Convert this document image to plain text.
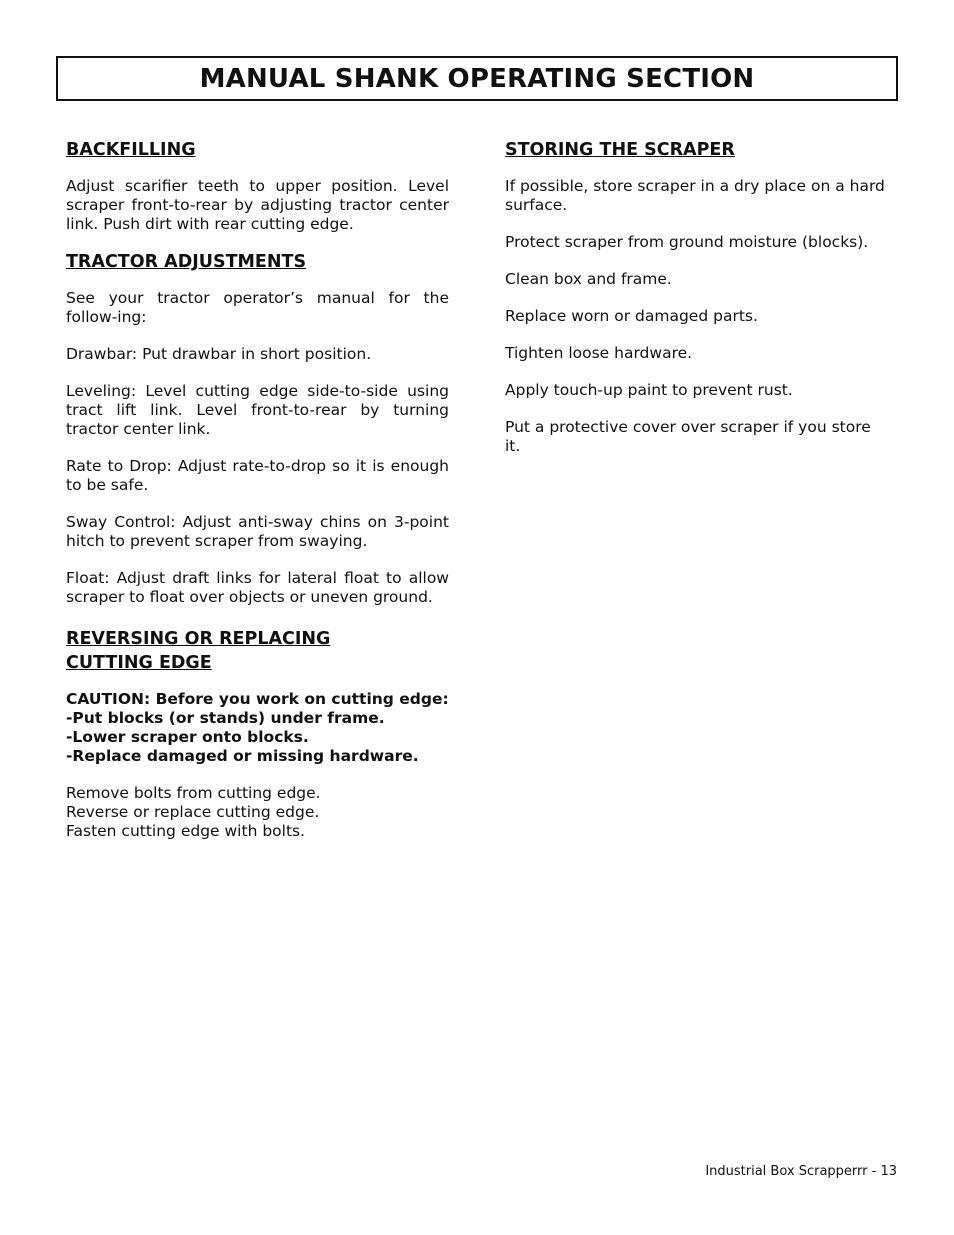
MANUAL SHANK OPERATING SECTION
BACKFILLING

Adjust scarifier teeth to upper position. Level scraper front-to-rear by adjusting tractor center link. Push dirt with rear cutting edge.

TRACTOR ADJUSTMENTS

See your tractor operator’s manual for the follow-ing:

Drawbar: Put drawbar in short position.

Leveling: Level cutting edge side-to-side using tract lift link. Level front-to-rear by turning tractor center link.

Rate to Drop: Adjust rate-to-drop so it is enough to be safe.

Sway Control: Adjust anti-sway chins on 3-point hitch to prevent scraper from swaying.

Float: Adjust draft links for lateral float to allow scraper to float over objects or uneven ground.

REVERSING OR REPLACING
CUTTING EDGE

CAUTION: Before you work on cutting edge:

-Put blocks (or stands) under frame.

-Lower scraper onto blocks.

-Replace damaged or missing hardware.

Remove bolts from cutting edge.

Reverse or replace cutting edge.

Fasten cutting edge with bolts.

STORING THE SCRAPER

If possible, store scraper in a dry place on a hard surface.

Protect scraper from ground moisture (blocks).

Clean box and frame.

Replace worn or damaged parts.

Tighten loose hardware.

Apply touch-up paint to prevent rust.

Put a protective cover over scraper if you store it.

Industrial Box Scrapperrr - 13
